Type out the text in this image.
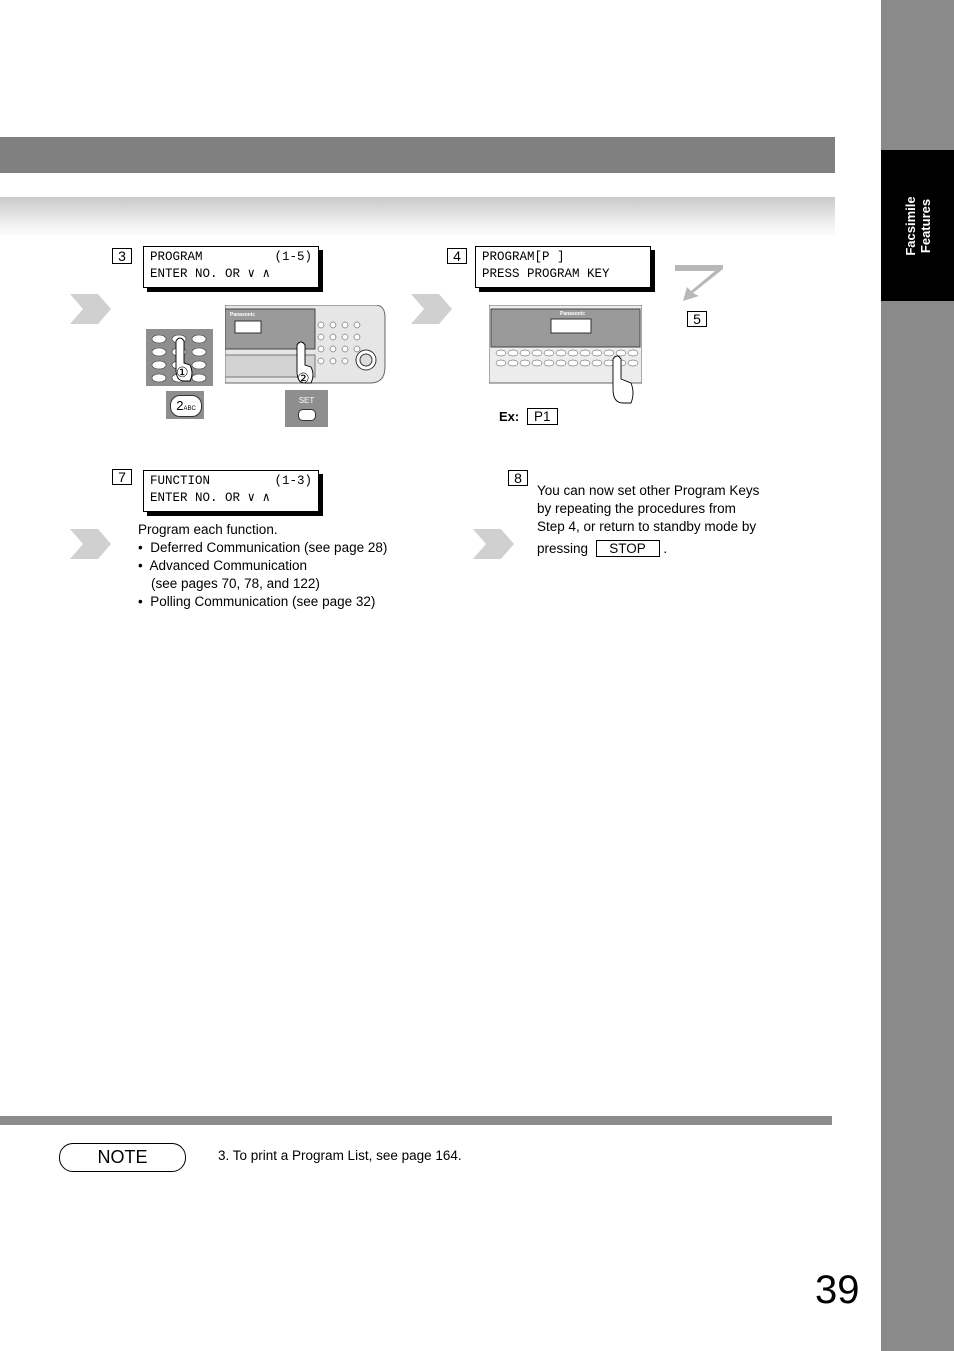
Facsimile
Features
3	PROGRAM	(1-5)
ENTER NO. OR ∨ ∧
①
2ABC
Panasonic
②
SET
4	PROGRAM[P ]
PRESS PROGRAM KEY
Panasonic
Ex:	P1
5
7	FUNCTION	(1-3)
ENTER NO. OR ∨ ∧
Program each function.
•  Deferred Communication (see page 28)
•  Advanced Communication
(see pages 70, 78, and 122)
•  Polling Communication (see page 32)
8
You can now set other Program Keys
by repeating the procedures from
Step 4, or return to standby mode by
pressing STOP .
NOTE	3. To print a Program List, see page 164.
39
